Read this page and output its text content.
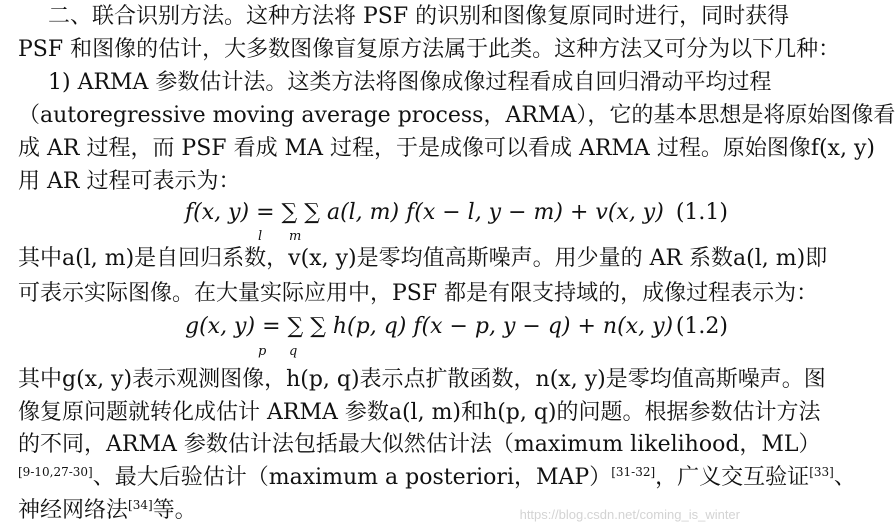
二、联合识别方法。这种方法将 PSF 的识别和图像复原同时进行，同时获得
PSF 和图像的估计，大多数图像盲复原方法属于此类。这种方法又可分为以下几种：
1) ARMA 参数估计法。这类方法将图像成像过程看成自回归滑动平均过程
（autoregressive moving average process，ARMA），它的基本思想是将原始图像看
成 AR 过程，而 PSF 看成 MA 过程，于是成像可以看成 ARMA 过程。原始图像f(x, y)
用 AR 过程可表示为：
f(x, y) = ∑ ∑ a(l, m) f(x − l, y − m) + v(x, y)
l m
(1.1)
其中a(l, m)是自回归系数，v(x, y)是零均值高斯噪声。用少量的 AR 系数a(l, m)即
可表示实际图像。在大量实际应用中，PSF 都是有限支持域的，成像过程表示为：
g(x, y) = ∑ ∑ h(p, q) f(x − p, y − q) + n(x, y)
p q
(1.2)
其中g(x, y)表示观测图像，h(p, q)表示点扩散函数，n(x, y)是零均值高斯噪声。图
像复原问题就转化成估计 ARMA 参数a(l, m)和h(p, q)的问题。根据参数估计方法
的不同，ARMA 参数估计法包括最大似然估计法（maximum likelihood，ML）
[9-10,27-30]、最大后验估计（maximum a posteriori，MAP）[31-32]，广义交互验证[33]、
神经网络法[34]等。	https://blog.csdn.net/coming_is_winter
